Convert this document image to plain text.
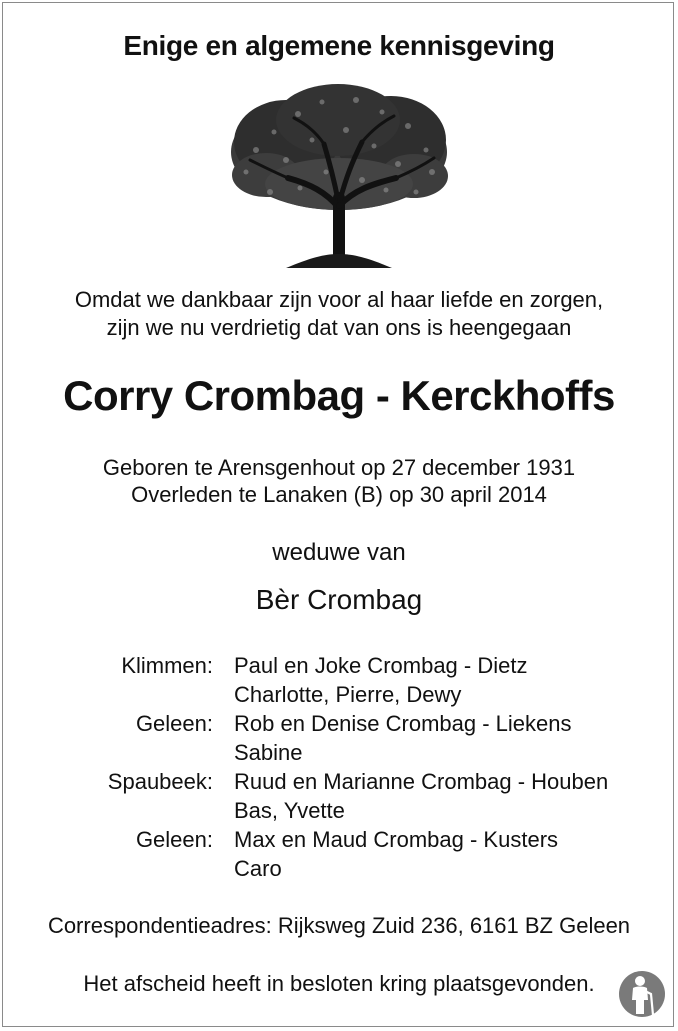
Enige en algemene kennisgeving
Omdat we dankbaar zijn voor al haar liefde en zorgen,
zijn we nu verdrietig dat van ons is heengegaan
Corry Crombag - Kerckhoffs
Geboren te Arensgenhout op 27 december 1931
Overleden te Lanaken (B) op 30 april 2014
weduwe van
Bèr Crombag
Klimmen: Paul en Joke Crombag - Dietz
Charlotte, Pierre, Dewy
Geleen: Rob en Denise Crombag - Liekens
Sabine
Spaubeek: Ruud en Marianne Crombag - Houben
Bas, Yvette
Geleen: Max en Maud Crombag - Kusters
Caro
Correspondentieadres: Rijksweg Zuid 236, 6161 BZ Geleen
Het afscheid heeft in besloten kring plaatsgevonden.
